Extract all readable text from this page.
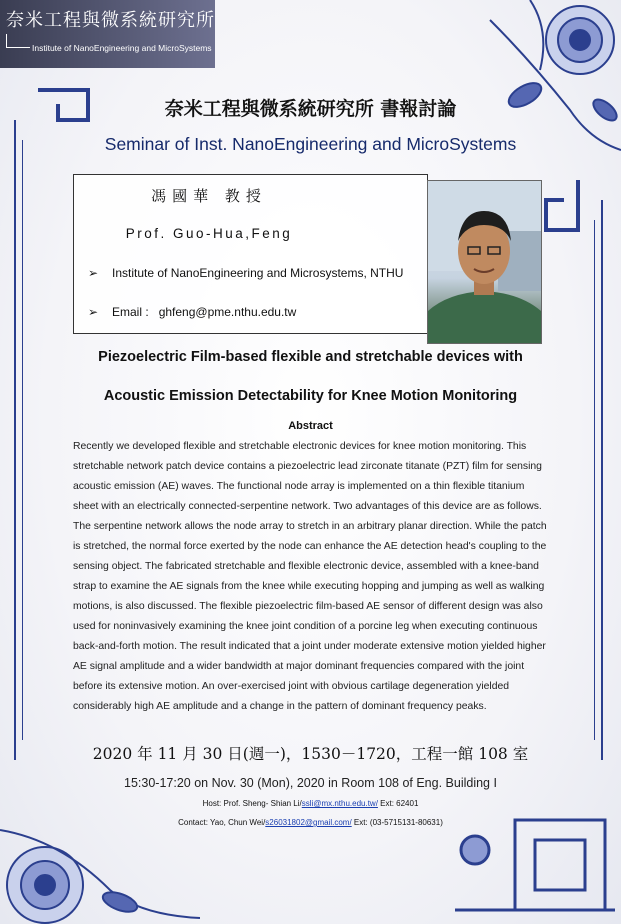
奈米工程與微系統研究所
Institute of NanoEngineering and MicroSystems
奈米工程與微系統研究所 書報討論
Seminar of Inst. NanoEngineering and MicroSystems
馮國華 教授
Prof. Guo-Hua,Feng
➢ Institute of NanoEngineering and Microsystems, NTHU
➢ Email : ghfeng@pme.nthu.edu.tw
Piezoelectric Film-based flexible and stretchable devices with
Acoustic Emission Detectability for Knee Motion Monitoring
Abstract
Recently we developed flexible and stretchable electronic devices for knee motion monitoring. This stretchable network patch device contains a piezoelectric lead zirconate titanate (PZT) film for sensing acoustic emission (AE) waves. The functional node array is implemented on a thin flexible titanium sheet with an electrically connected-serpentine network. Two advantages of this device are as follows. The serpentine network allows the node array to stretch in an arbitrary planar direction. While the patch is stretched, the normal force exerted by the node can enhance the AE detection head's coupling to the sensing object. The fabricated stretchable and flexible electronic device, assembled with a knee-band strap to examine the AE signals from the knee while executing hopping and jumping as well as walking motions, is also discussed. The flexible piezoelectric film-based AE sensor of different design was also used for noninvasively examining the knee joint condition of a porcine leg when executing continuous back-and-forth motion. The result indicated that a joint under moderate extensive motion yielded higher AE signal amplitude and a wider bandwidth at major dominant frequencies compared with the joint before its extensive motion. An over-exercised joint with obvious cartilage degeneration yielded considerably high AE amplitude and a change in the pattern of dominant frequency peaks.
2020 年 11 月 30 日(週一)，1530－1720，工程一館 108 室
15:30-17:20 on Nov. 30 (Mon), 2020 in Room 108 of Eng. Building I
Host: Prof. Sheng- Shian Li/ssli@mx.nthu.edu.tw/ Ext: 62401
Contact: Yao, Chun Wei/s26031802@gmail.com/ Ext: (03-5715131-80631)
